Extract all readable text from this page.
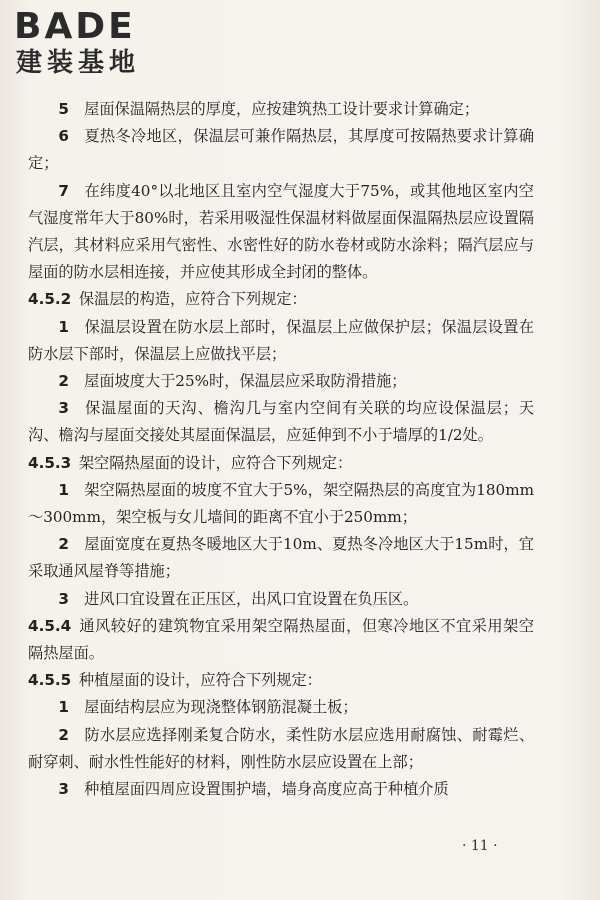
BADE
建装基地

5  屋面保温隔热层的厚度，应按建筑热工设计要求计算确定；

6  夏热冬冷地区，保温层可兼作隔热层，其厚度可按隔热要求计算确定；

7  在纬度40°以北地区且室内空气湿度大于75%，或其他地区室内空气湿度常年大于80%时，若采用吸湿性保温材料做屋面保温隔热层应设置隔汽层，其材料应采用气密性、水密性好的防水卷材或防水涂料；隔汽层应与屋面的防水层相连接，并应使其形成全封闭的整体。

4.5.2  保温层的构造，应符合下列规定：

1  保温层设置在防水层上部时，保温层上应做保护层；保温层设置在防水层下部时，保温层上应做找平层；

2  屋面坡度大于25%时，保温层应采取防滑措施；

3  保温屋面的天沟、檐沟几与室内空间有关联的均应设保温层；天沟、檐沟与屋面交接处其屋面保温层，应延伸到不小于墙厚的1/2处。

4.5.3  架空隔热屋面的设计，应符合下列规定：

1  架空隔热屋面的坡度不宜大于5%，架空隔热层的高度宜为180mm～300mm，架空板与女儿墙间的距离不宜小于250mm；

2  屋面宽度在夏热冬暖地区大于10m、夏热冬冷地区大于15m时，宜采取通风屋脊等措施；

3  进风口宜设置在正压区，出风口宜设置在负压区。

4.5.4  通风较好的建筑物宜采用架空隔热屋面，但寒冷地区不宜采用架空隔热屋面。

4.5.5  种植屋面的设计，应符合下列规定：

1  屋面结构层应为现浇整体钢筋混凝土板；

2  防水层应选择刚柔复合防水，柔性防水层应选用耐腐蚀、耐霉烂、耐穿刺、耐水性性能好的材料，刚性防水层应设置在上部；

3  种植屋面四周应设置围护墙，墙身高度应高于种植介质

· 11 ·
